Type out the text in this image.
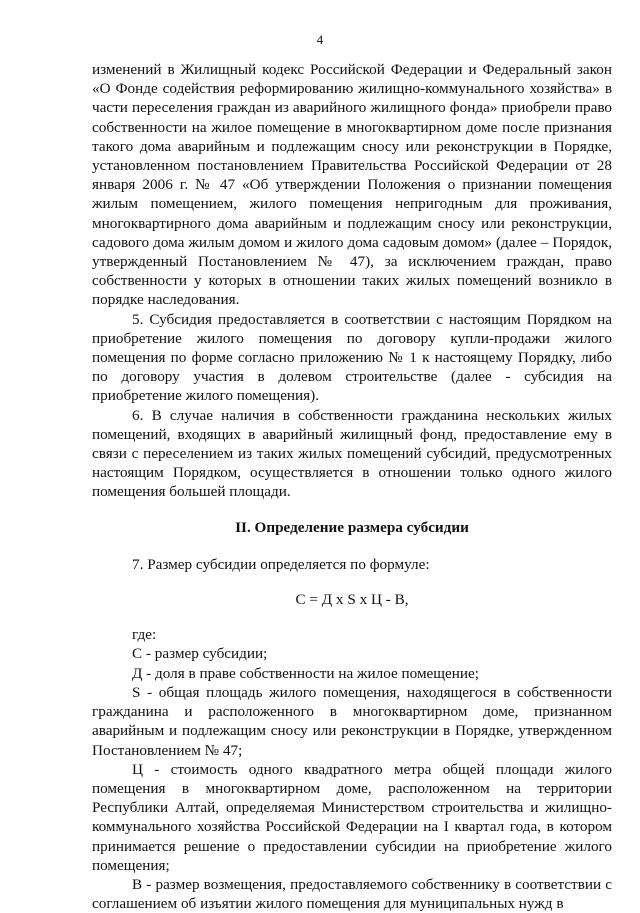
4

изменений в Жилищный кодекс Российской Федерации и Федеральный закон «О Фонде содействия реформированию жилищно-коммунального хозяйства» в части переселения граждан из аварийного жилищного фонда» приобрели право собственности на жилое помещение в многоквартирном доме после признания такого дома аварийным и подлежащим сносу или реконструкции в Порядке, установленном постановлением Правительства Российской Федерации от 28 января 2006 г. № 47 «Об утверждении Положения о признании помещения жилым помещением, жилого помещения непригодным для проживания, многоквартирного дома аварийным и подлежащим сносу или реконструкции, садового дома жилым домом и жилого дома садовым домом» (далее – Порядок, утвержденный Постановлением № 47), за исключением граждан, право собственности у которых в отношении таких жилых помещений возникло в порядке наследования.

5. Субсидия предоставляется в соответствии с настоящим Порядком на приобретение жилого помещения по договору купли-продажи жилого помещения по форме согласно приложению № 1 к настоящему Порядку, либо по договору участия в долевом строительстве (далее - субсидия на приобретение жилого помещения).

6. В случае наличия в собственности гражданина нескольких жилых помещений, входящих в аварийный жилищный фонд, предоставление ему в связи с переселением из таких жилых помещений субсидий, предусмотренных настоящим Порядком, осуществляется в отношении только одного жилого помещения большей площади.

II. Определение размера субсидии

7. Размер субсидии определяется по формуле:

С = Д x S x Ц - В,

где:

С - размер субсидии;

Д - доля в праве собственности на жилое помещение;

S - общая площадь жилого помещения, находящегося в собственности гражданина и расположенного в многоквартирном доме, признанном аварийным и подлежащим сносу или реконструкции в Порядке, утвержденном Постановлением № 47;

Ц - стоимость одного квадратного метра общей площади жилого помещения в многоквартирном доме, расположенном на территории Республики Алтай, определяемая Министерством строительства и жилищно-коммунального хозяйства Российской Федерации на I квартал года, в котором принимается решение о предоставлении субсидии на приобретение жилого помещения;

В - размер возмещения, предоставляемого собственнику в соответствии с соглашением об изъятии жилого помещения для муниципальных нужд в
